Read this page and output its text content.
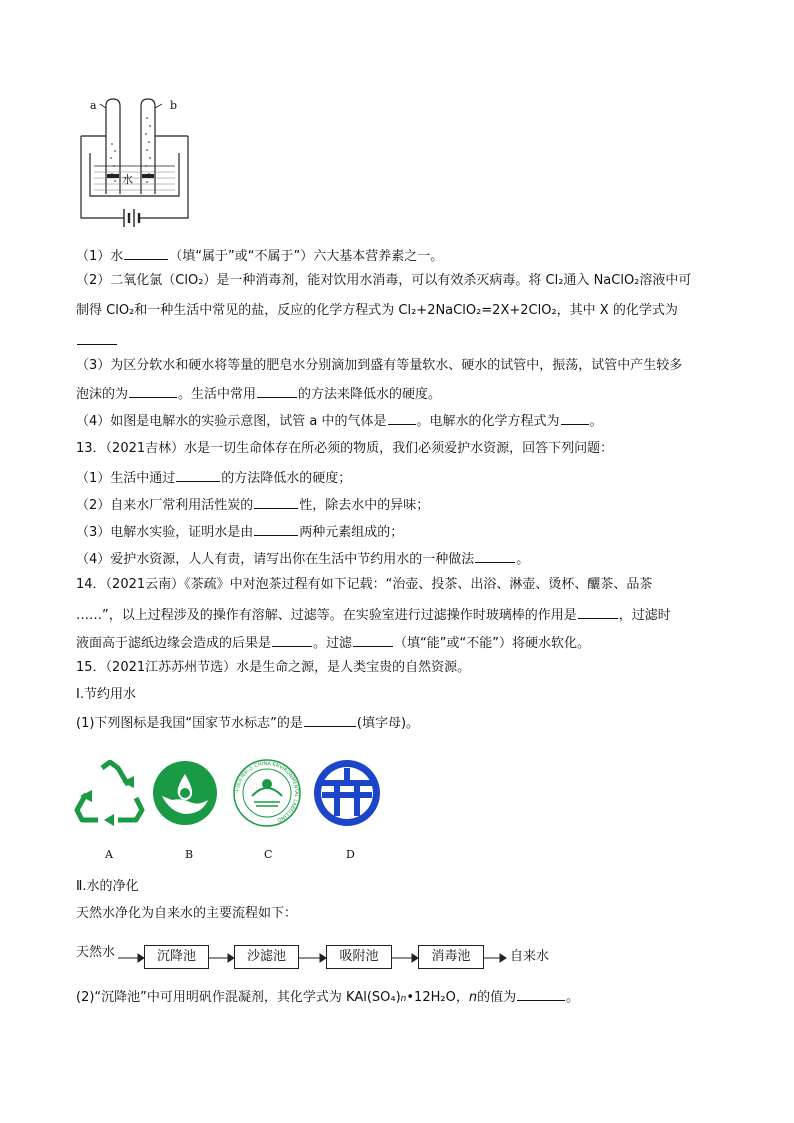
a	b
水
（1）水	（填“属于”或“不属于”）六大基本营养素之一。
（2）二氧化氯（ClO₂）是一种消毒剂，能对饮用水消毒，可以有效杀灭病毒。将 Cl₂通入 NaClO₂溶液中可
制得 ClO₂和一种生活中常见的盐，反应的化学方程式为 Cl₂+2NaClO₂=2X+2ClO₂，其中 X 的化学式为
（3）为区分软水和硬水将等量的肥皂水分别滴加到盛有等量软水、硬水的试管中，振荡，试管中产生较多
泡沫的为	。生活中常用	的方法来降低水的硬度。
（4）如图是电解水的实验示意图，试管 a 中的气体是 。电解水的化学方程式为 。
13．（2021吉林）水是一切生命体存在所必须的物质，我们必须爱护水资源，回答下列问题：
（1）生活中通过	的方法降低水的硬度；
（2）自来水厂常利用活性炭的	性，除去水中的异味；
（3）电解水实验，证明水是由	两种元素组成的；
（4）爱护水资源，人人有责，请写出你在生活中节约用水的一种做法	。
14．（2021云南）《茶疏》中对泡茶过程有如下记载：“治壶、投茶、出浴、淋壶、烫杯、釃茶、品茶
……”，以上过程涉及的操作有溶解、过滤等。在实验室进行过滤操作时玻璃棒的作用是	，过滤时
液面高于滤纸边缘会造成的后果是	。过滤	（填“能”或“不能”）将硬水软化。
15．（2021江苏苏州节选）水是生命之源，是人类宝贵的自然资源。
Ⅰ.节约用水
(1)下列图标是我国“国家节水标志”的是	(填字母)。
A	B
中国环境标志 CHINA ENVIRONMENTAL LABELLING
C	D
Ⅱ.水的净化
天然水净化为自来水的主要流程如下：
天然水	沉降池	沙滤池	吸附池	消毒池	自来水
(2)“沉降池”中可用明矾作混凝剂，其化学式为 KAl(SO₄)n•12H₂O，n的值为	。
